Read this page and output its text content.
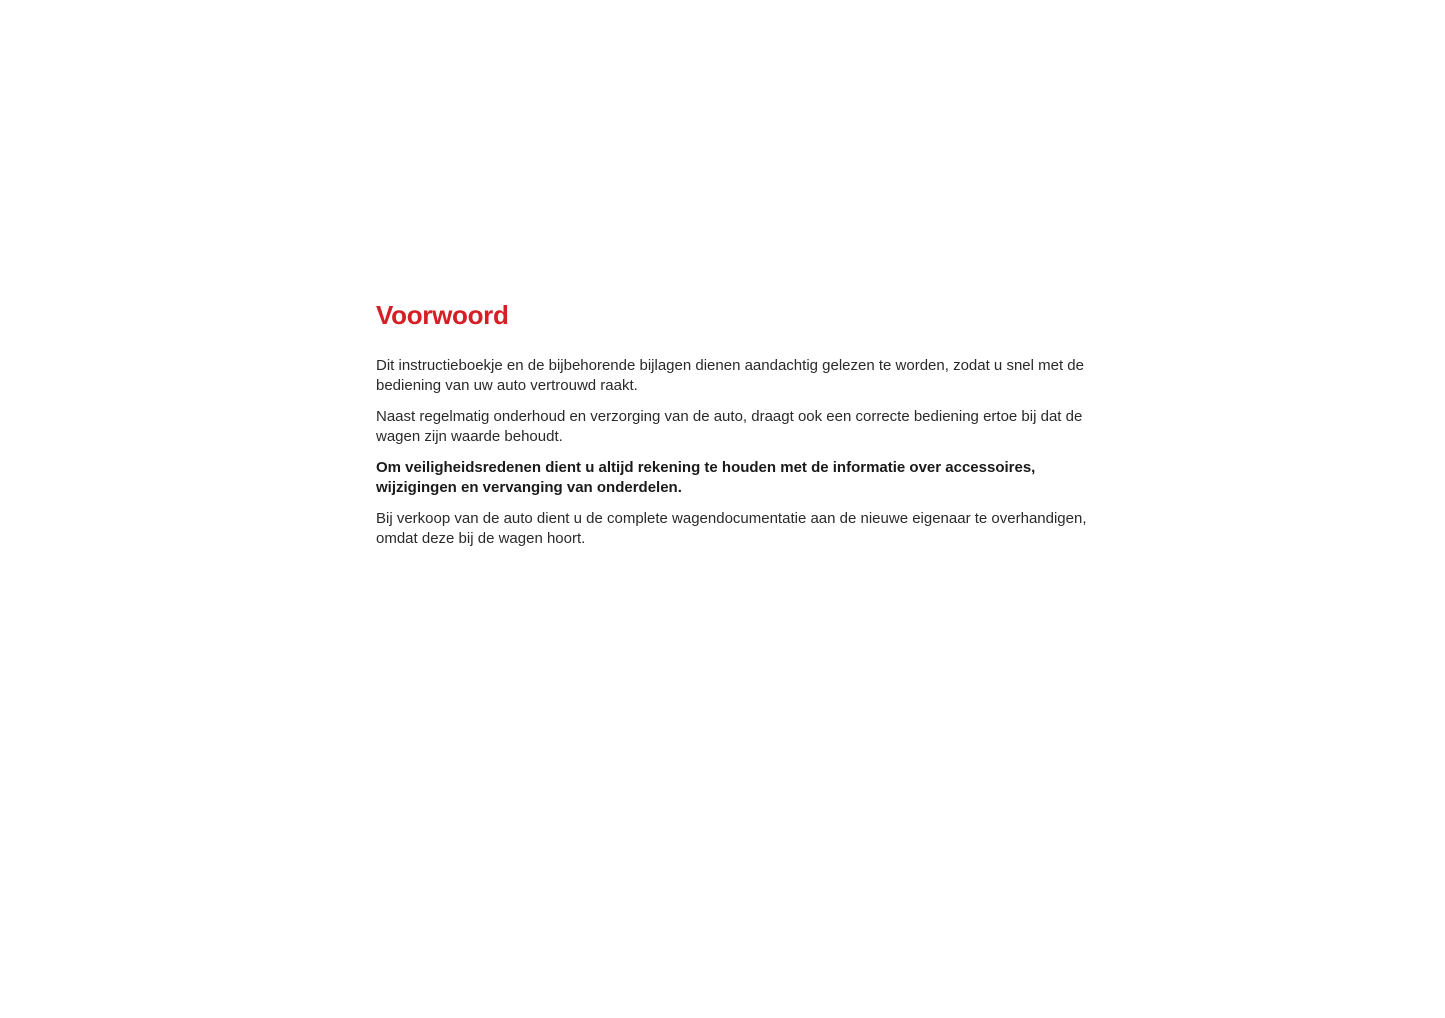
Voorwoord

Dit instructieboekje en de bijbehorende bijlagen dienen aandachtig gelezen te worden, zodat u snel met de bediening van uw auto vertrouwd raakt.

Naast regelmatig onderhoud en verzorging van de auto, draagt ook een correcte bediening ertoe bij dat de wagen zijn waarde behoudt.

Om veiligheidsredenen dient u altijd rekening te houden met de informatie over accessoires, wijzigingen en vervanging van onderdelen.

Bij verkoop van de auto dient u de complete wagendocumentatie aan de nieuwe eigenaar te overhandigen, omdat deze bij de wagen hoort.
